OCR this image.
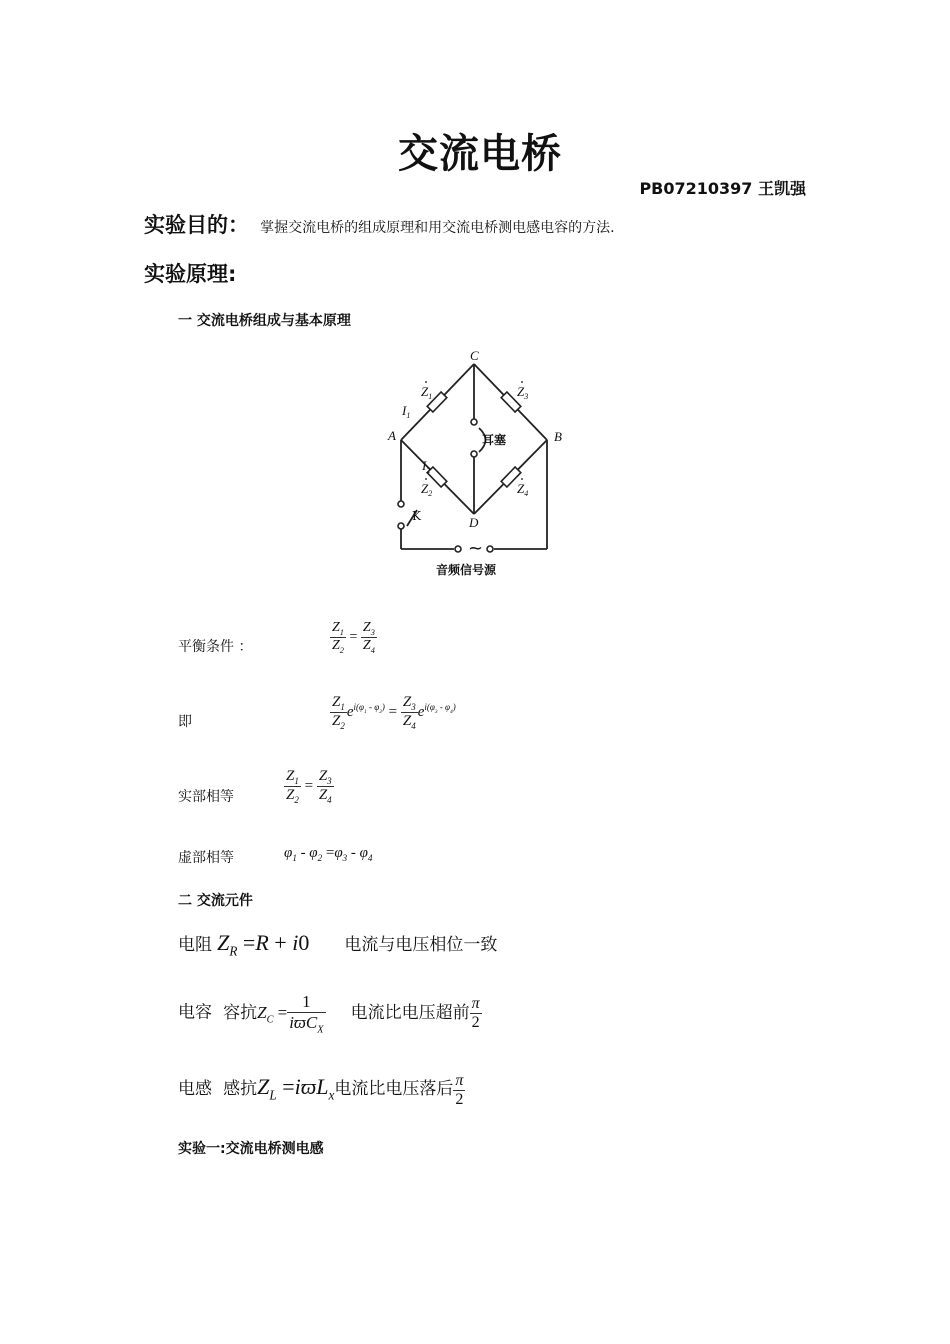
交流电桥
PB07210397 王凯强
实验目的： 掌握交流电桥的组成原理和用交流电桥测电感电容的方法.
实验原理:
一 交流电桥组成与基本原理
C
A	B
D
$Z_1$	$Z_3$
$Z_2$	$Z_4$
$I_1$
$I_2$
耳塞
K
~
音频信号源
平衡条件 ：	$\frac{Z_1}{Z_2} = \frac{Z_3}{Z_4}$
即	$\frac{Z_1}{Z_2} e^{i(\varphi_1 - \varphi_2)} = \frac{Z_3}{Z_4} e^{i(\varphi_3 - \varphi_4)}$
实部相等	$\frac{Z_1}{Z_2} = \frac{Z_3}{Z_4}$
虚部相等	$\varphi_1 - \varphi_2 =\varphi_3 - \varphi_4$
二 交流元件
电阻 $Z_R =R + i0$ 电流与电压相位一致
电容 容抗$Z_C = \frac{1}{iϖC_X}$ 电流比电压超前 $\frac{\pi}{2}$
电感 感抗$Z_L =iϖL_x$电流比电压落后 $\frac{\pi}{2}$
实验一:交流电桥测电感
